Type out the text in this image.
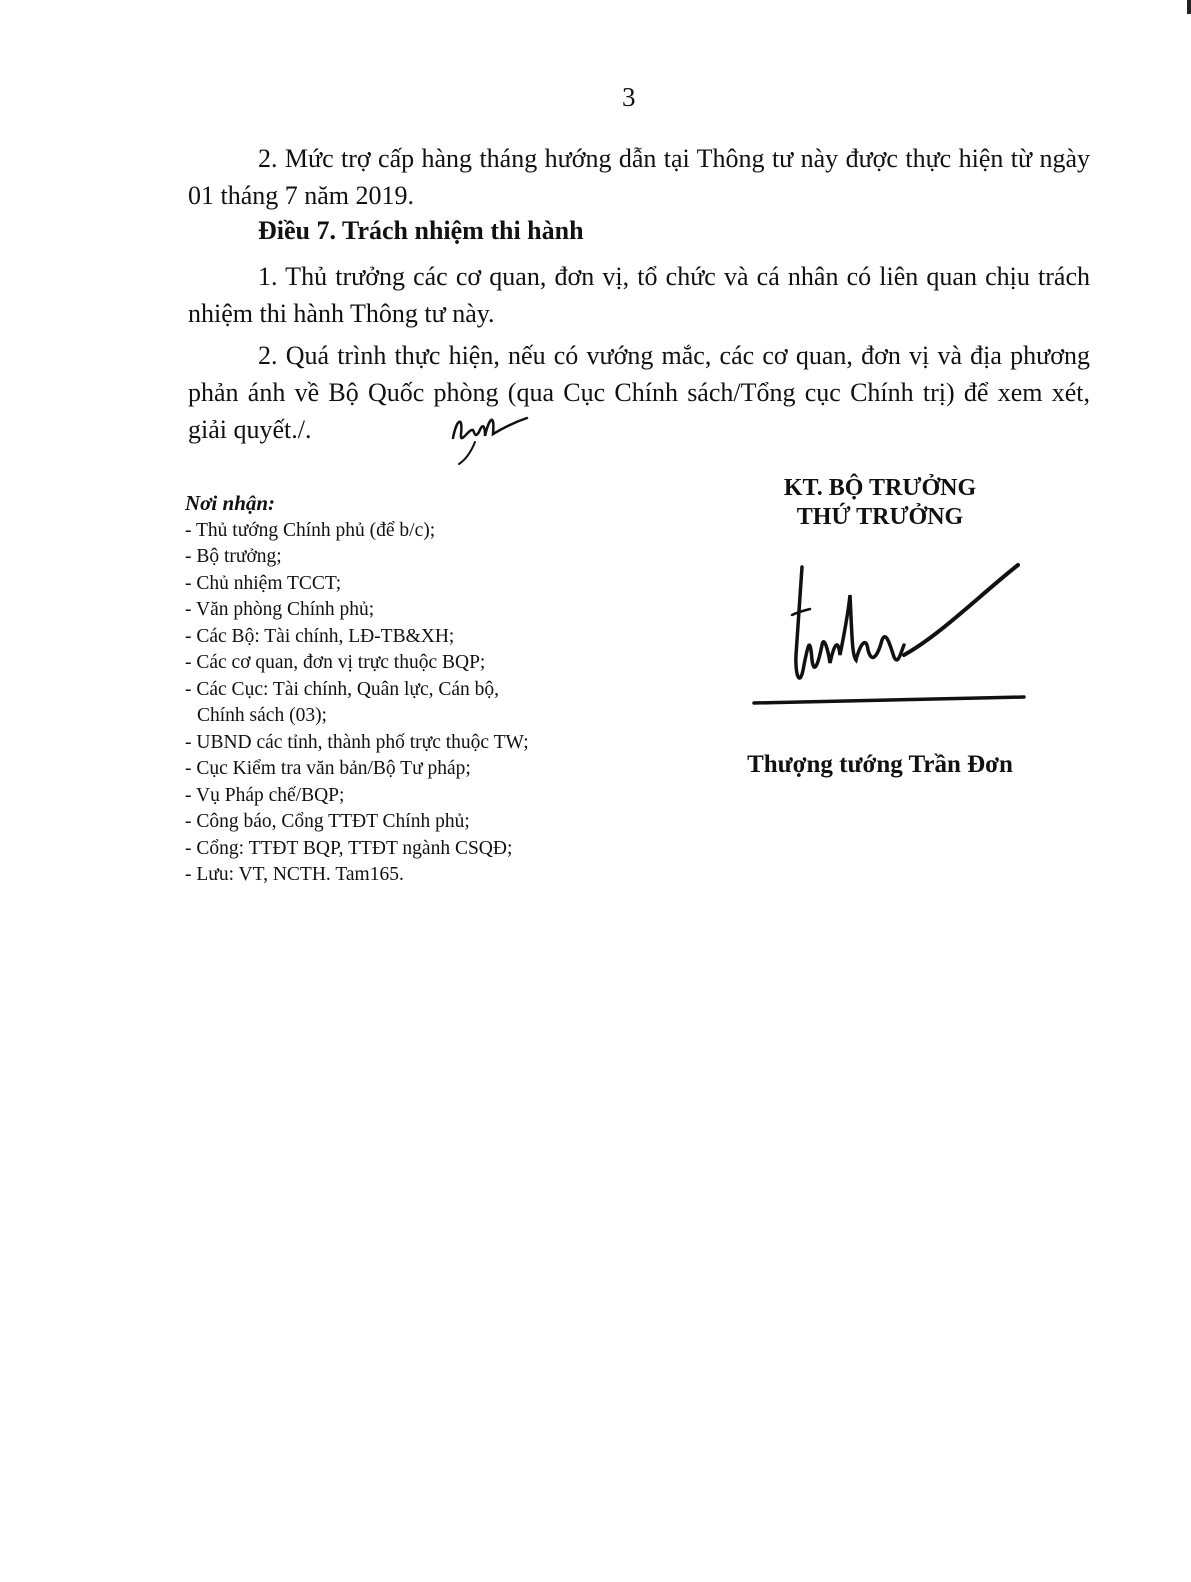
3

2. Mức trợ cấp hàng tháng hướng dẫn tại Thông tư này được thực hiện từ ngày 01 tháng 7 năm 2019.

Điều 7. Trách nhiệm thi hành

1. Thủ trưởng các cơ quan, đơn vị, tổ chức và cá nhân có liên quan chịu trách nhiệm thi hành Thông tư này.

2. Quá trình thực hiện, nếu có vướng mắc, các cơ quan, đơn vị và địa phương phản ánh về Bộ Quốc phòng (qua Cục Chính sách/Tổng cục Chính trị) để xem xét, giải quyết./.

Nơi nhận:
- Thủ tướng Chính phủ (để b/c);
- Bộ trưởng;
- Chủ nhiệm TCCT;
- Văn phòng Chính phủ;
- Các Bộ: Tài chính, LĐ-TB&XH;
- Các cơ quan, đơn vị trực thuộc BQP;
- Các Cục: Tài chính, Quân lực, Cán bộ,
Chính sách (03);
- UBND các tỉnh, thành phố trực thuộc TW;
- Cục Kiểm tra văn bản/Bộ Tư pháp;
- Vụ Pháp chế/BQP;
- Công báo, Cổng TTĐT Chính phủ;
- Cổng: TTĐT BQP, TTĐT ngành CSQĐ;
- Lưu: VT, NCTH. Tam165.
KT. BỘ TRƯỞNG
THỨ TRƯỞNG
Thượng tướng Trần Đơn
